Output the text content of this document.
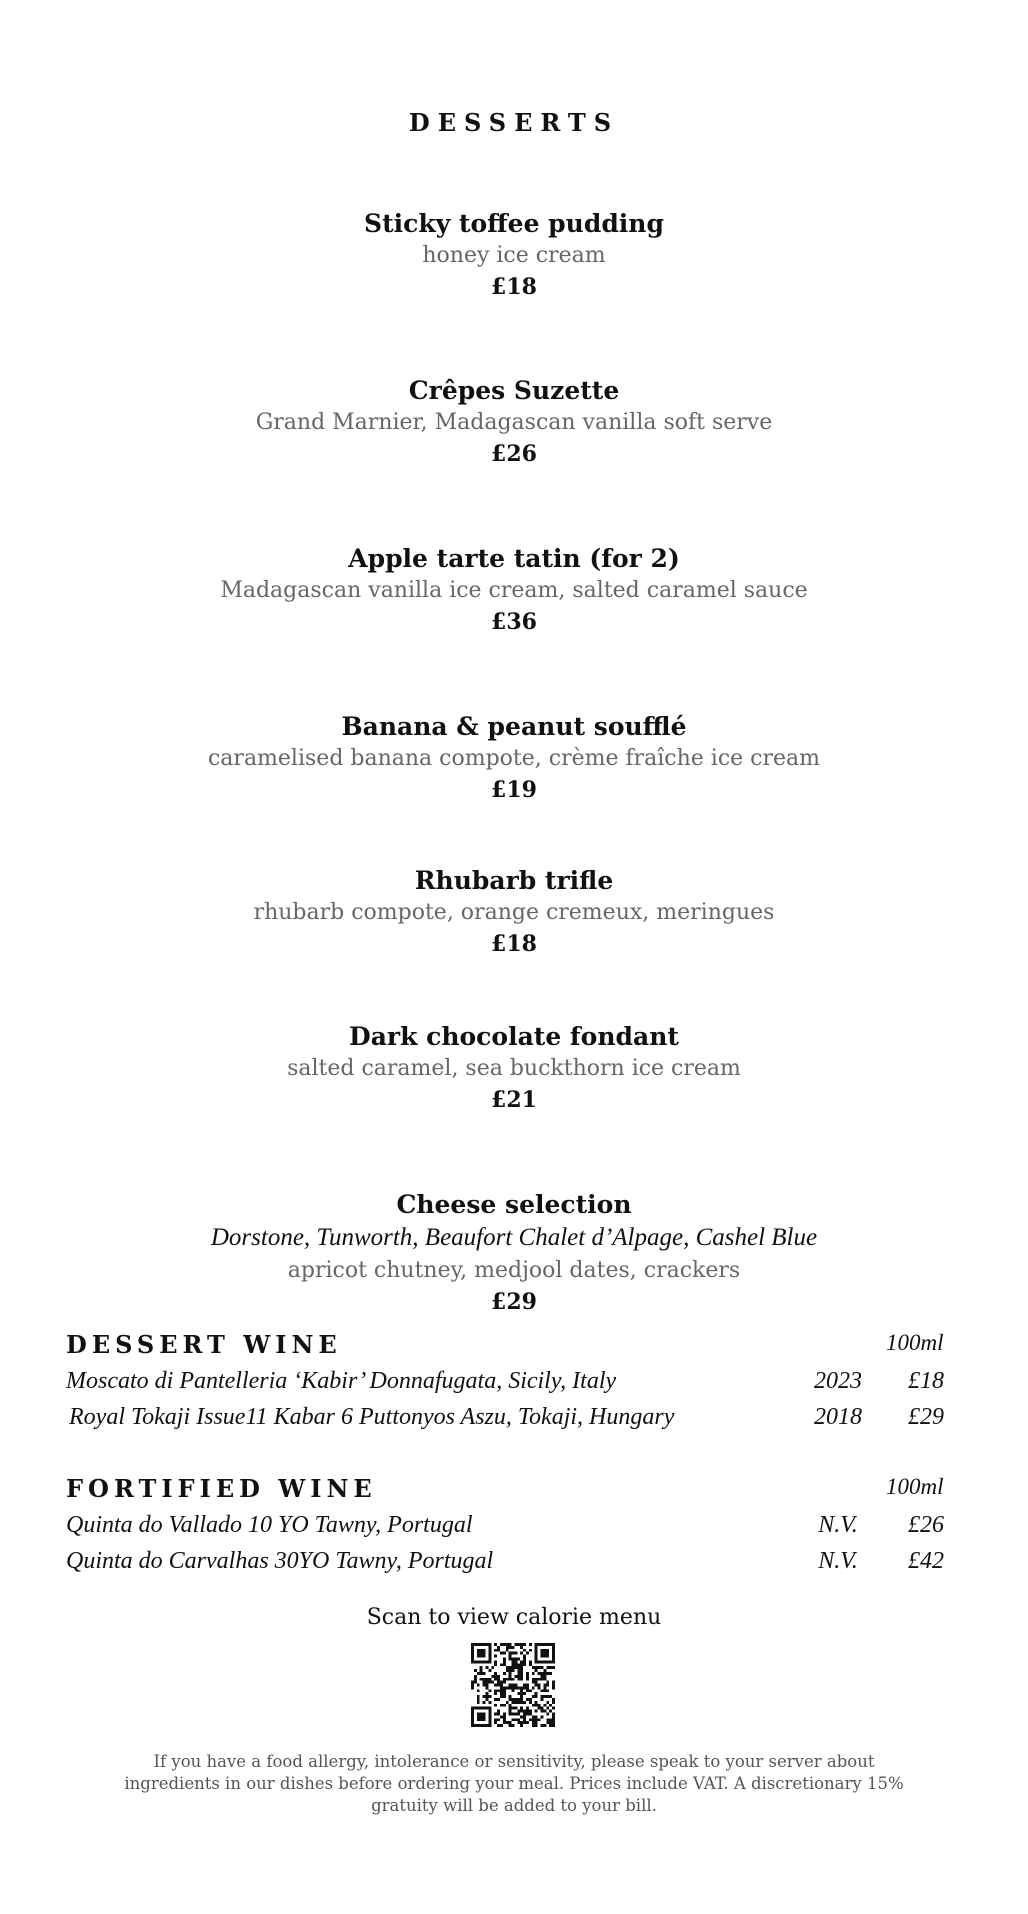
DESSERTS
Sticky toffee pudding
honey ice cream
£18
Crêpes Suzette
Grand Marnier, Madagascan vanilla soft serve
£26
Apple tarte tatin (for 2)
Madagascan vanilla ice cream, salted caramel sauce
£36
Banana & peanut soufflé
caramelised banana compote, crème fraîche ice cream
£19
Rhubarb trifle
rhubarb compote, orange cremeux, meringues
£18
Dark chocolate fondant
salted caramel, sea buckthorn ice cream
£21
Cheese selection
Dorstone, Tunworth, Beaufort Chalet d’Alpage, Cashel Blue
apricot chutney, medjool dates, crackers
£29
DESSERT WINE	100ml
Moscato di Pantelleria ‘Kabir’ Donnafugata, Sicily, Italy	2023	£18
Royal Tokaji Issue11 Kabar 6 Puttonyos Aszu, Tokaji, Hungary	2018	£29
FORTIFIED WINE	100ml
Quinta do Vallado 10 YO Tawny, Portugal	N.V.	£26
Quinta do Carvalhas 30YO Tawny, Portugal	N.V.	£42
Scan to view calorie menu
If you have a food allergy, intolerance or sensitivity, please speak to your server about ingredients in our dishes before ordering your meal. Prices include VAT. A discretionary 15% gratuity will be added to your bill.
